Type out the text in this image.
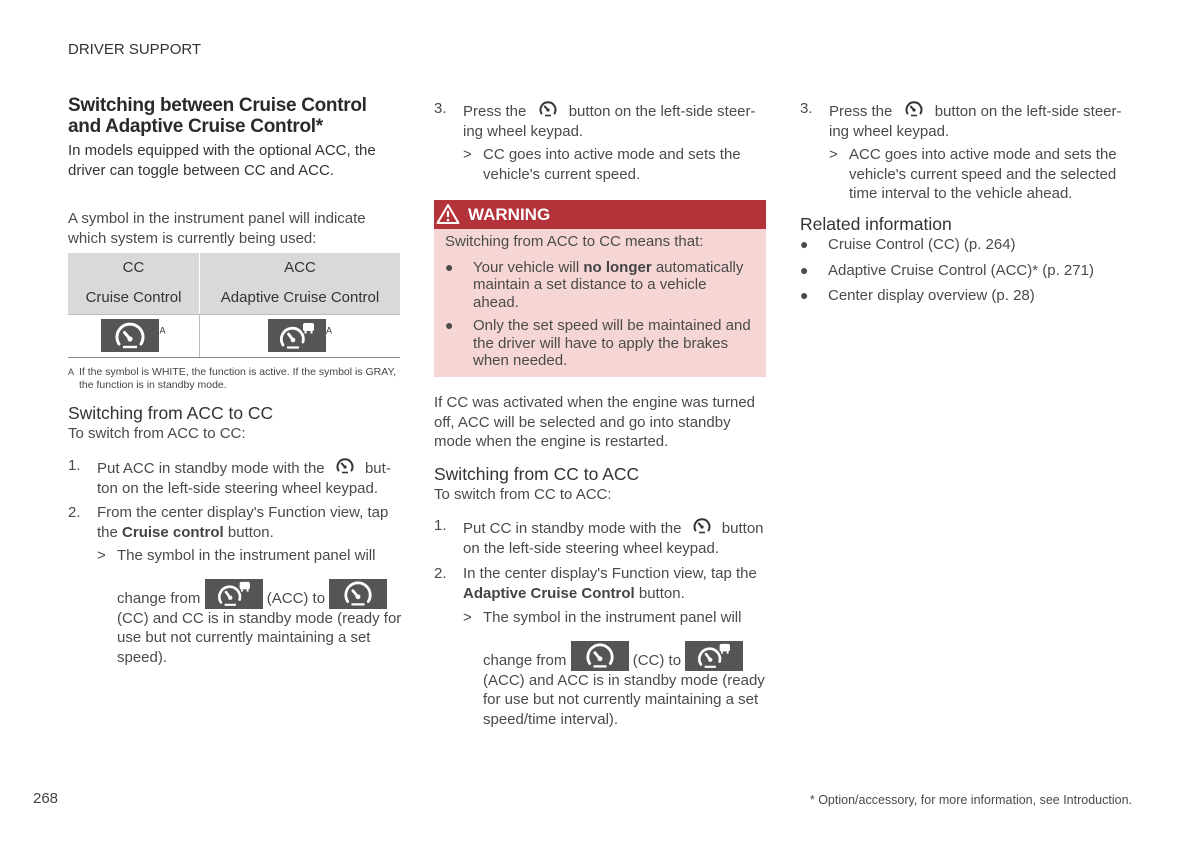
DRIVER SUPPORT

Switching between Cruise Control and Adaptive Cruise Control*

In models equipped with the optional ACC, the driver can toggle between CC and ACC.
A symbol in the instrument panel will indicate which system is currently being used:
CC	ACC
Cruise Control	Adaptive Cruise Control

$^A$	$^A$
A If the symbol is WHITE, the function is active. If the symbol is GRAY, the function is in standby mode.
Switching from ACC to CC
To switch from ACC to CC:
1. Put ACC in standby mode with the	but-
ton on the left-side steering wheel keypad.
2. From the center display's Function view, tap
the Cruise control button.
> The symbol in the instrument panel will
change from	(ACC) to
(CC) and CC is in standby mode (ready for use but not currently maintaining a set speed).
3. Press the	button on the left-side steer-
ing wheel keypad.
> CC goes into active mode and sets the vehicle's current speed.
WARNING
Switching from ACC to CC means that:
● Your vehicle will no longer automatically maintain a set distance to a vehicle ahead.
● Only the set speed will be maintained and the driver will have to apply the brakes when needed.
If CC was activated when the engine was turned off, ACC will be selected and go into standby mode when the engine is restarted.
Switching from CC to ACC
To switch from CC to ACC:
1. Put CC in standby mode with the	button
on the left-side steering wheel keypad.
2. In the center display's Function view, tap the
Adaptive Cruise Control button.
> The symbol in the instrument panel will
change from	(CC) to
(ACC) and ACC is in standby mode (ready for use but not currently maintaining a set speed/time interval).
3. Press the	button on the left-side steer-
ing wheel keypad.
> ACC goes into active mode and sets the vehicle's current speed and the selected time interval to the vehicle ahead.
Related information
● Cruise Control (CC) (p. 264)
● Adaptive Cruise Control (ACC)* (p. 271)
● Center display overview (p. 28)
268	* Option/accessory, for more information, see Introduction.
